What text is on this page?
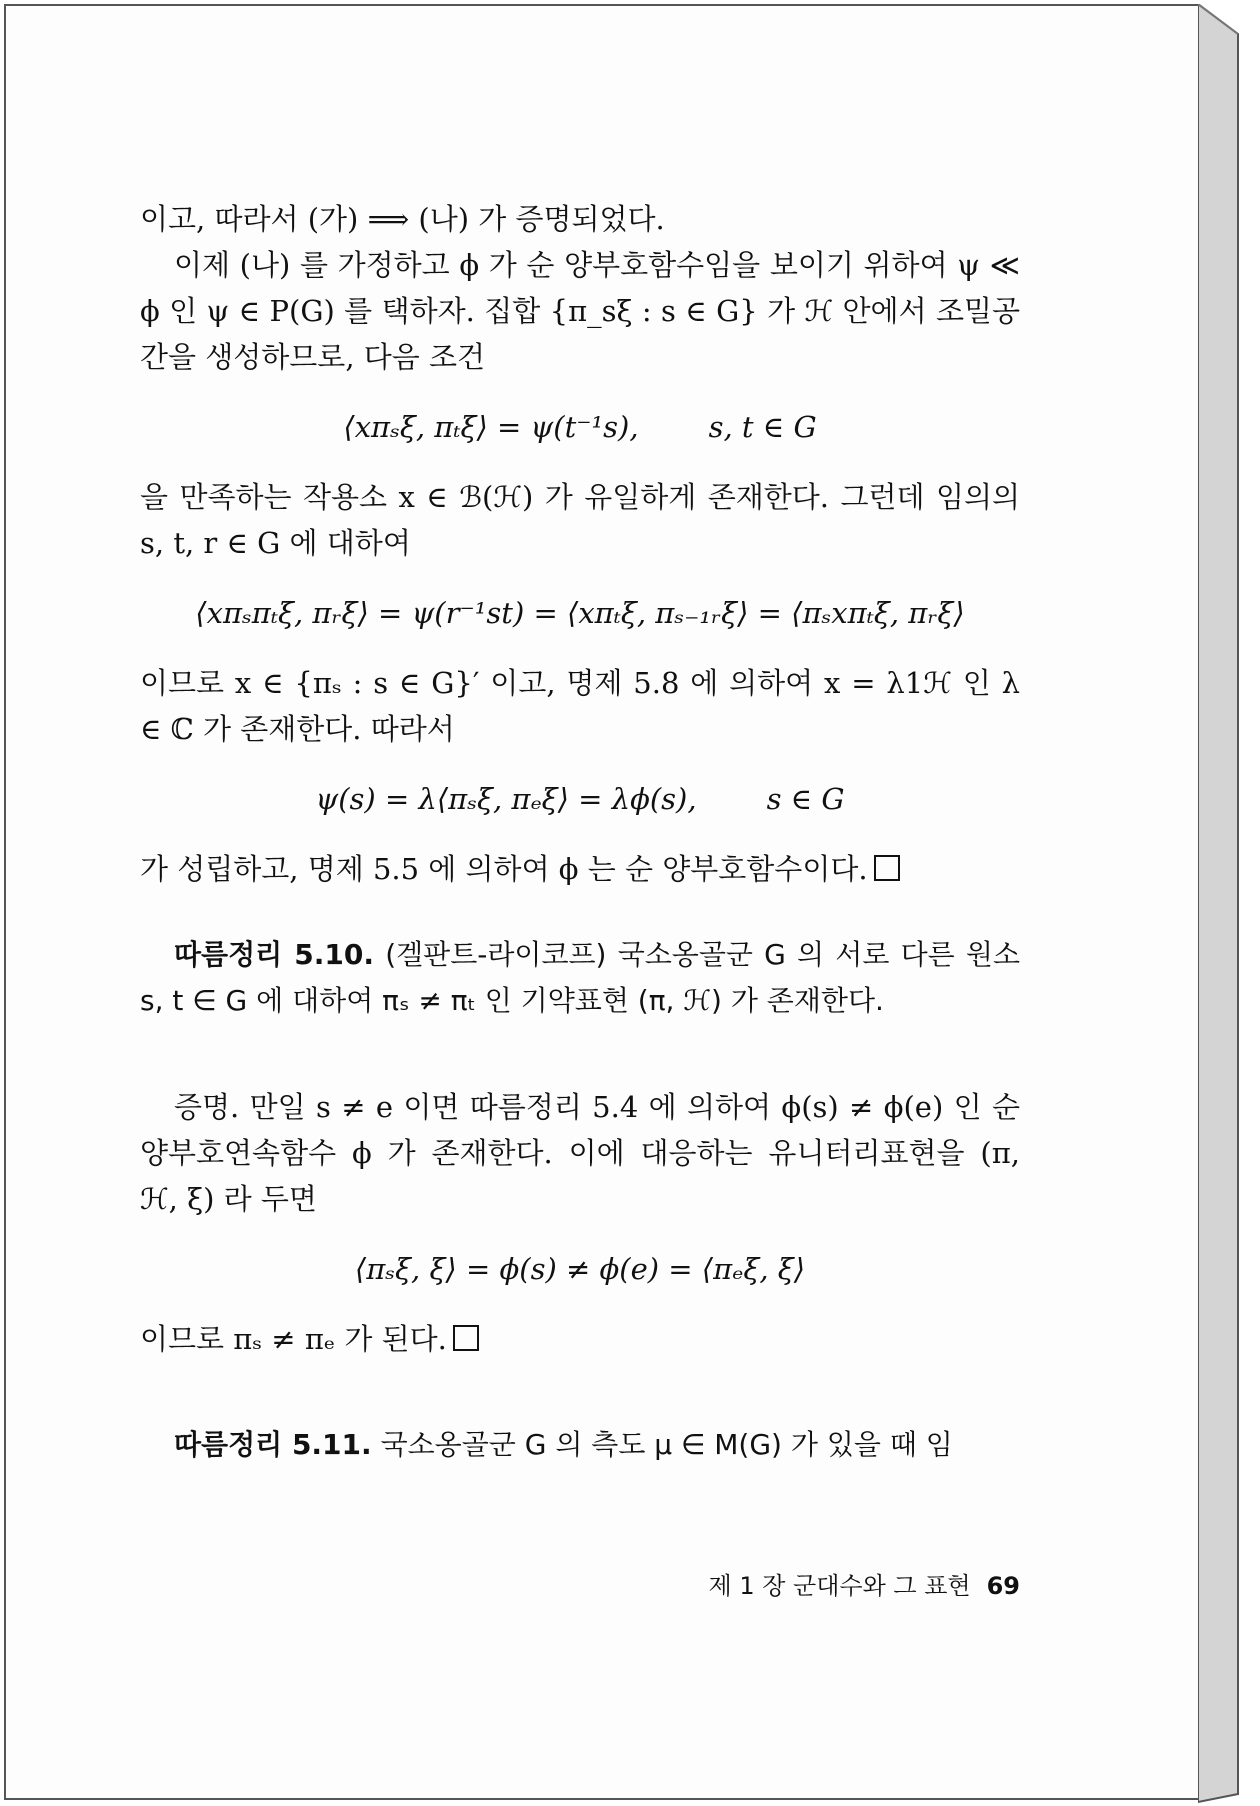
이고, 따라서 (가) ⟹ (나) 가 증명되었다.

이제 (나) 를 가정하고 ϕ 가 순 양부호함수임을 보이기 위하여 ψ ≪ ϕ 인 ψ ∈ P(G) 를 택하자. 집합 {π_sξ : s ∈ G} 가 ℋ 안에서 조밀공간을 생성하므로, 다음 조건

⟨xπₛξ, πₜξ⟩ = ψ(t⁻¹s), s, t ∈ G

을 만족하는 작용소 x ∈ ℬ(ℋ) 가 유일하게 존재한다. 그런데 임의의 s, t, r ∈ G 에 대하여

⟨xπₛπₜξ, πᵣξ⟩ = ψ(r⁻¹st) = ⟨xπₜξ, πₛ₋₁ᵣξ⟩ = ⟨πₛxπₜξ, πᵣξ⟩

이므로 x ∈ {πₛ : s ∈ G}′ 이고, 명제 5.8 에 의하여 x = λ1ℋ 인 λ ∈ ℂ 가 존재한다. 따라서

ψ(s) = λ⟨πₛξ, πₑξ⟩ = λϕ(s), s ∈ G

가 성립하고, 명제 5.5 에 의하여 ϕ 는 순 양부호함수이다.

따름정리 5.10. (겔판트-라이코프) 국소옹골군 G 의 서로 다른 원소 s, t ∈ G 에 대하여 πₛ ≠ πₜ 인 기약표현 (π, ℋ) 가 존재한다.

증명. 만일 s ≠ e 이면 따름정리 5.4 에 의하여 ϕ(s) ≠ ϕ(e) 인 순 양부호연속함수 ϕ 가 존재한다. 이에 대응하는 유니터리표현을 (π, ℋ, ξ) 라 두면

⟨πₛξ, ξ⟩ = ϕ(s) ≠ ϕ(e) = ⟨πₑξ, ξ⟩

이므로 πₛ ≠ πₑ 가 된다.

따름정리 5.11. 국소옹골군 G 의 측도 μ ∈ M(G) 가 있을 때 임

제 1 장 군대수와 그 표현 69
